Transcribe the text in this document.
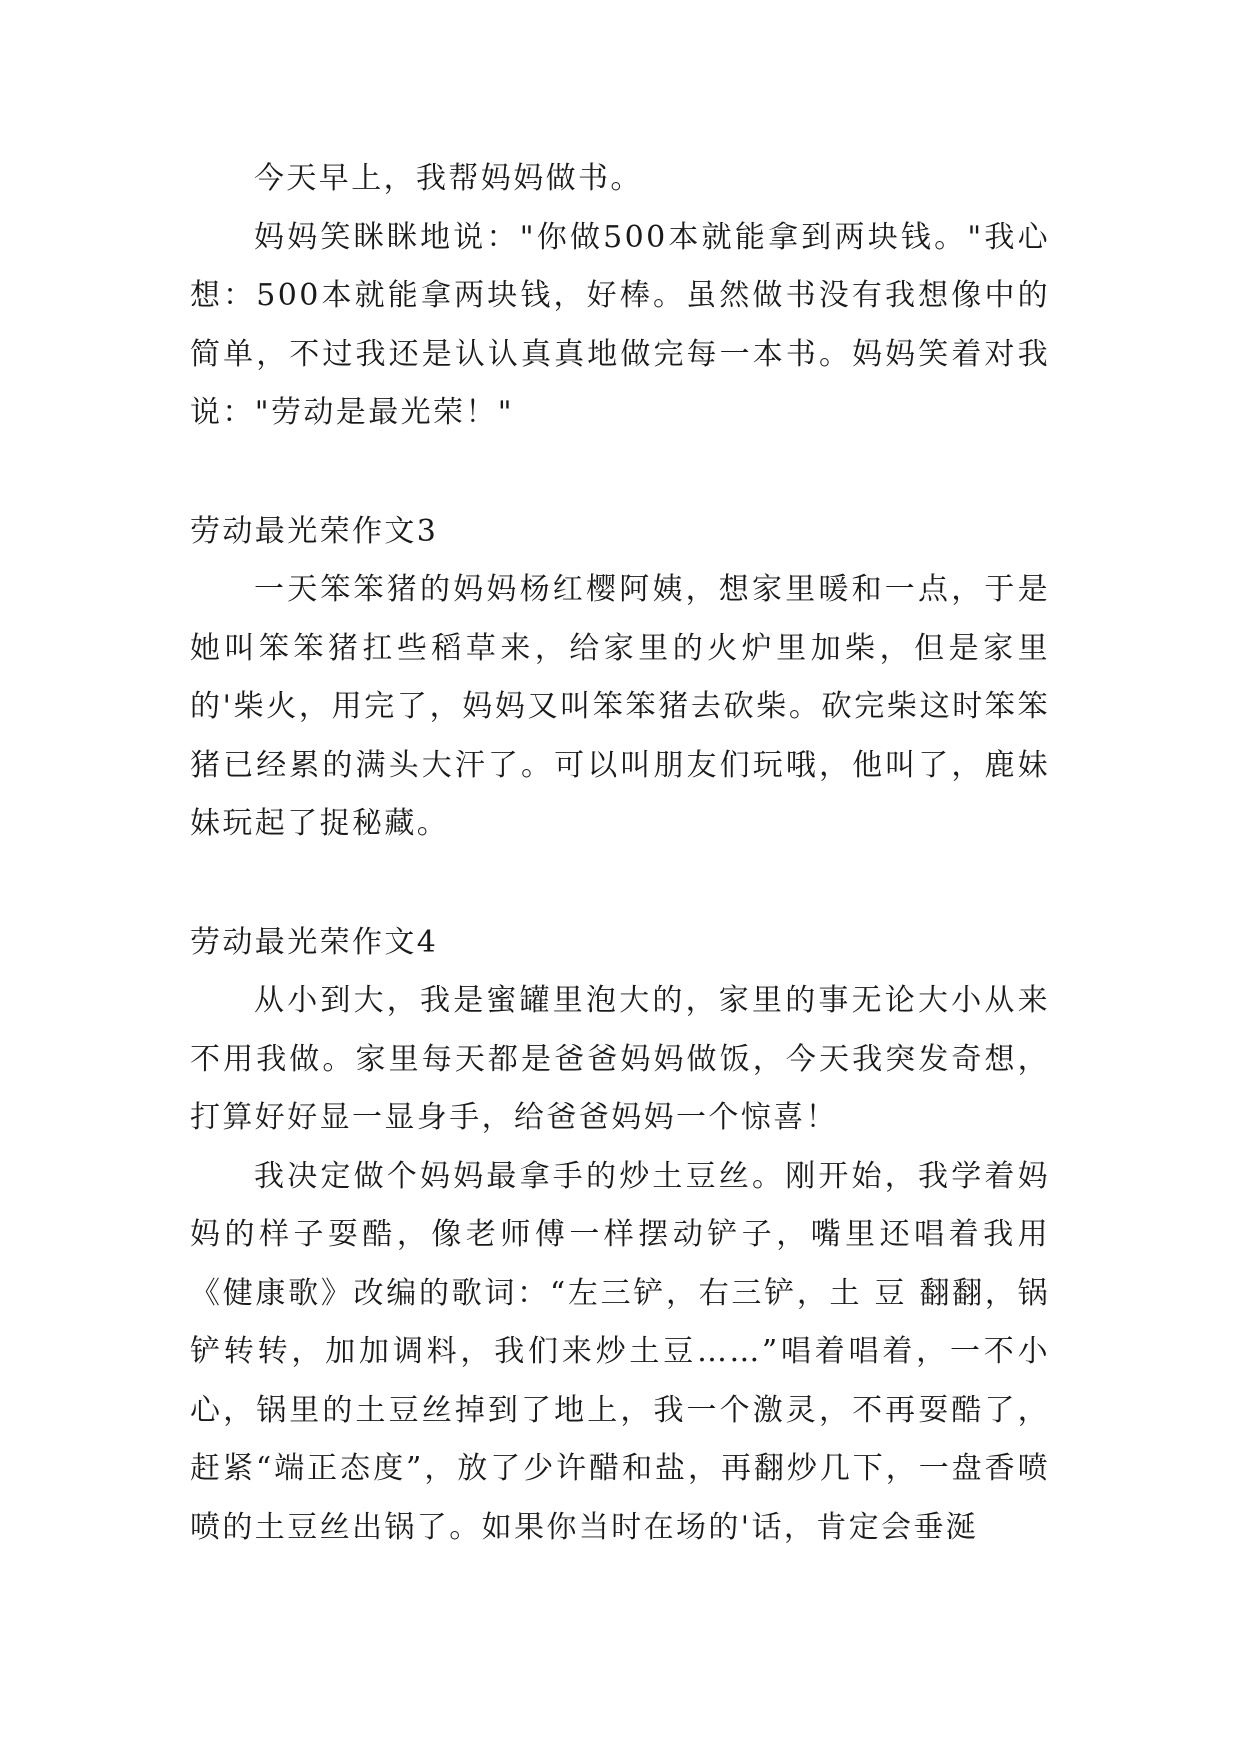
今天早上，我帮妈妈做书。

妈妈笑眯眯地说："你做500本就能拿到两块钱。"我心想：500本就能拿两块钱，好棒。虽然做书没有我想像中的简单，不过我还是认认真真地做完每一本书。妈妈笑着对我说："劳动是最光荣！"

劳动最光荣作文3

一天笨笨猪的妈妈杨红樱阿姨，想家里暖和一点，于是她叫笨笨猪扛些稻草来，给家里的火炉里加柴，但是家里的'柴火，用完了，妈妈又叫笨笨猪去砍柴。砍完柴这时笨笨猪已经累的满头大汗了。可以叫朋友们玩哦，他叫了，鹿妹妹玩起了捉秘藏。

劳动最光荣作文4

从小到大，我是蜜罐里泡大的，家里的事无论大小从来不用我做。家里每天都是爸爸妈妈做饭，今天我突发奇想，打算好好显一显身手，给爸爸妈妈一个惊喜！

我决定做个妈妈最拿手的炒土豆丝。刚开始，我学着妈妈的样子耍酷，像老师傅一样摆动铲子，嘴里还唱着我用《健康歌》改编的歌词：“左三铲，右三铲，土 豆 翻翻，锅铲转转，加加调料，我们来炒土豆……”唱着唱着，一不小心，锅里的土豆丝掉到了地上，我一个激灵，不再耍酷了，赶紧“端正态度”，放了少许醋和盐，再翻炒几下，一盘香喷喷的土豆丝出锅了。如果你当时在场的'话，肯定会垂涎
